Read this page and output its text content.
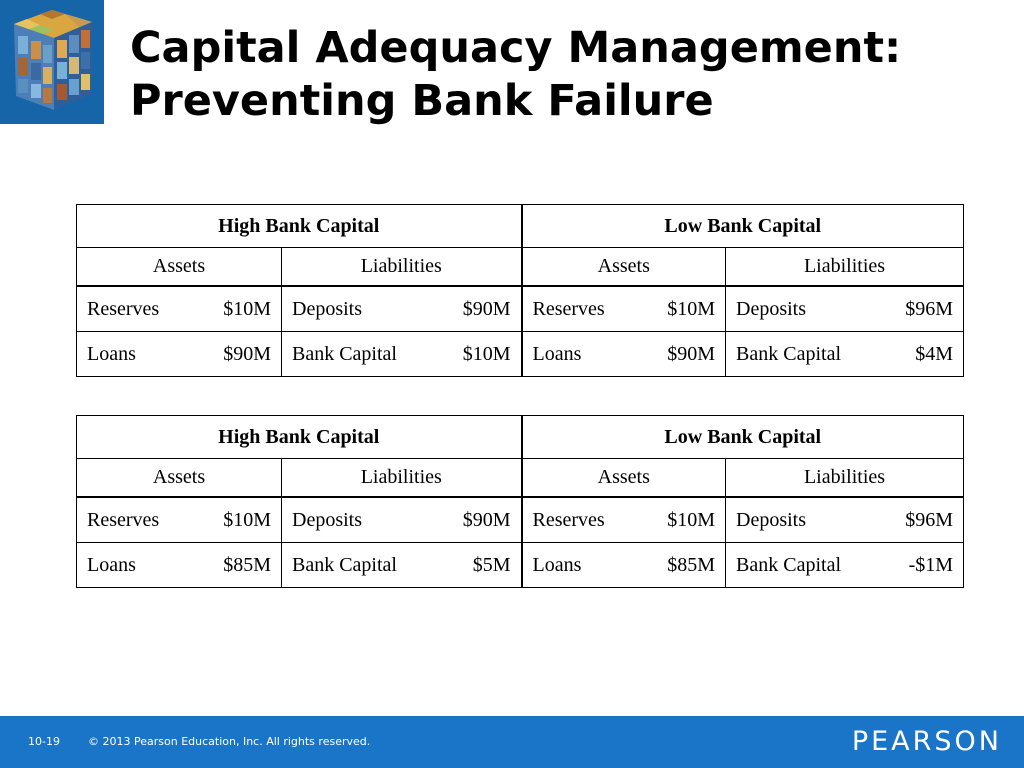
Capital Adequacy Management:
Preventing Bank Failure
High Bank Capital		Low Bank Capital	
Assets	Liabilities	Assets	Liabilities

Reserves $10M	Deposits $90M	Reserves $10M	Deposits $96M

Loans $90M	Bank Capital $10M	Loans $90M	Bank Capital $4M
High Bank Capital		Low Bank Capital	
Assets	Liabilities	Assets	Liabilities

Reserves $10M	Deposits $90M	Reserves $10M	Deposits $96M

Loans $85M	Bank Capital $5M	Loans $85M	Bank Capital -$1M
10-19	© 2013 Pearson Education, Inc. All rights reserved.	PEARSON
